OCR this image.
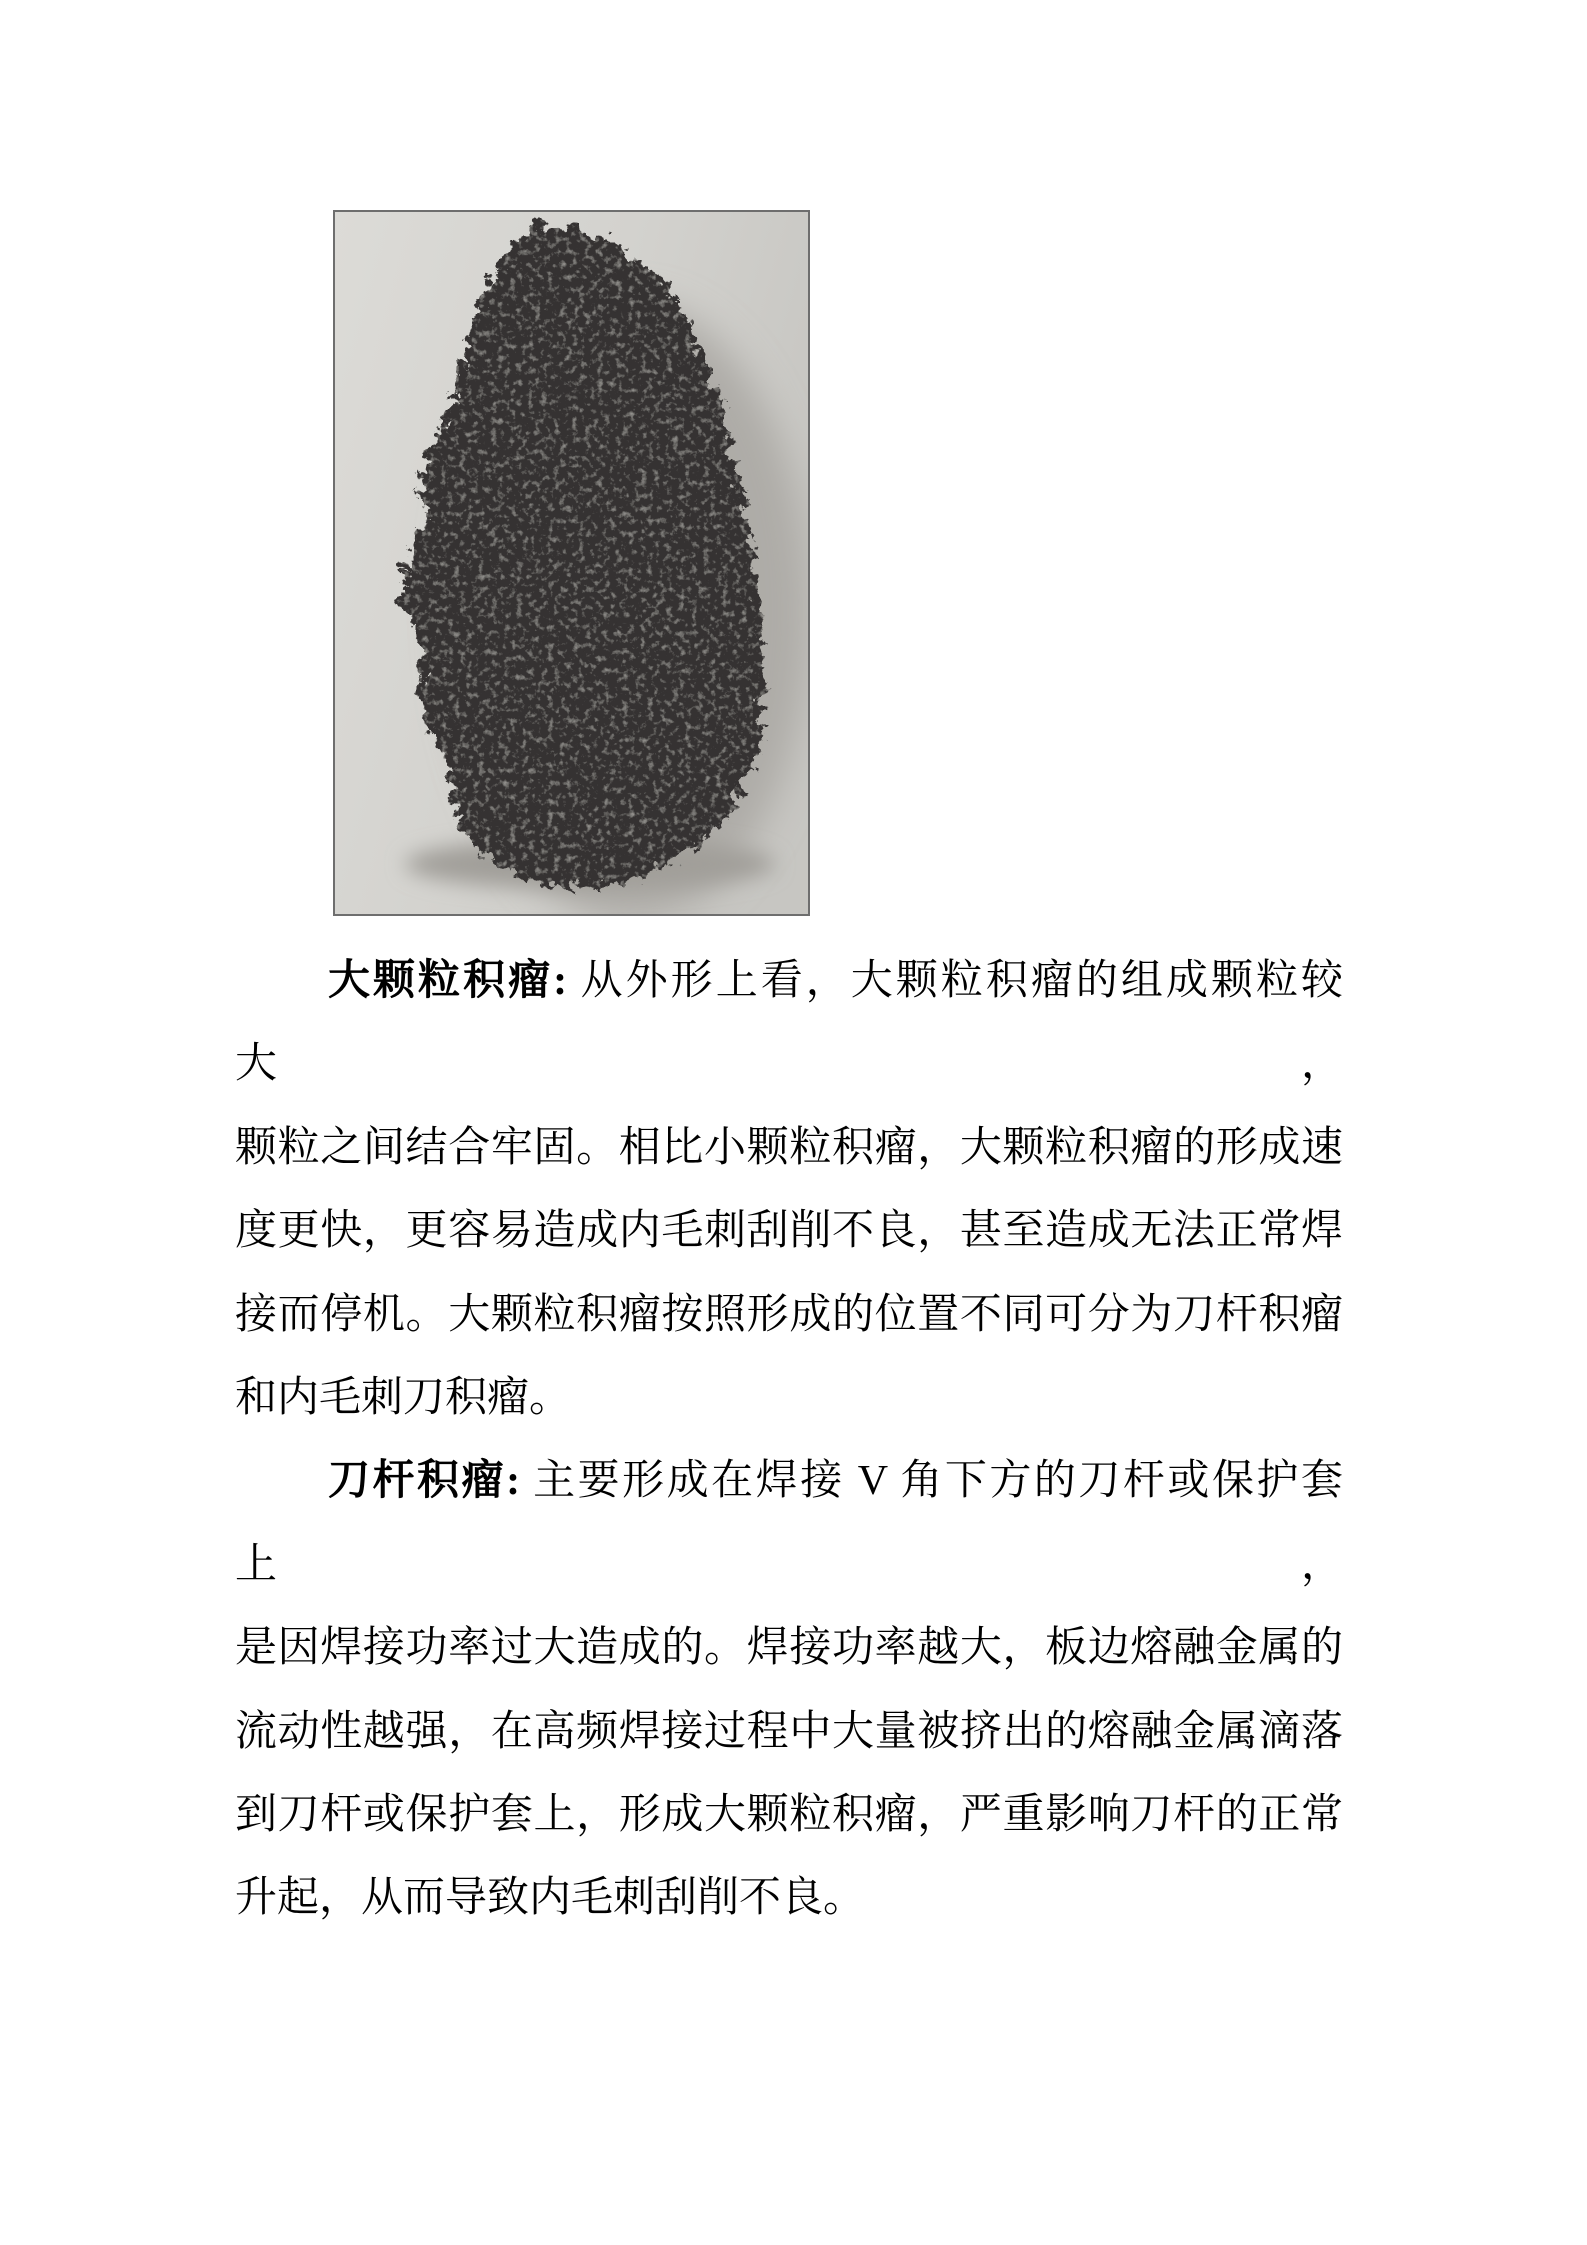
大颗粒积瘤: 从外形上看，大颗粒积瘤的组成颗粒较大，

颗粒之间结合牢固。相比小颗粒积瘤，大颗粒积瘤的形成速

度更快，更容易造成内毛刺刮削不良，甚至造成无法正常焊

接而停机。大颗粒积瘤按照形成的位置不同可分为刀杆积瘤

和内毛刺刀积瘤。

刀杆积瘤: 主要形成在焊接 V 角下方的刀杆或保护套上，

是因焊接功率过大造成的。焊接功率越大，板边熔融金属的

流动性越强，在高频焊接过程中大量被挤出的熔融金属滴落

到刀杆或保护套上，形成大颗粒积瘤，严重影响刀杆的正常

升起，从而导致内毛刺刮削不良。
